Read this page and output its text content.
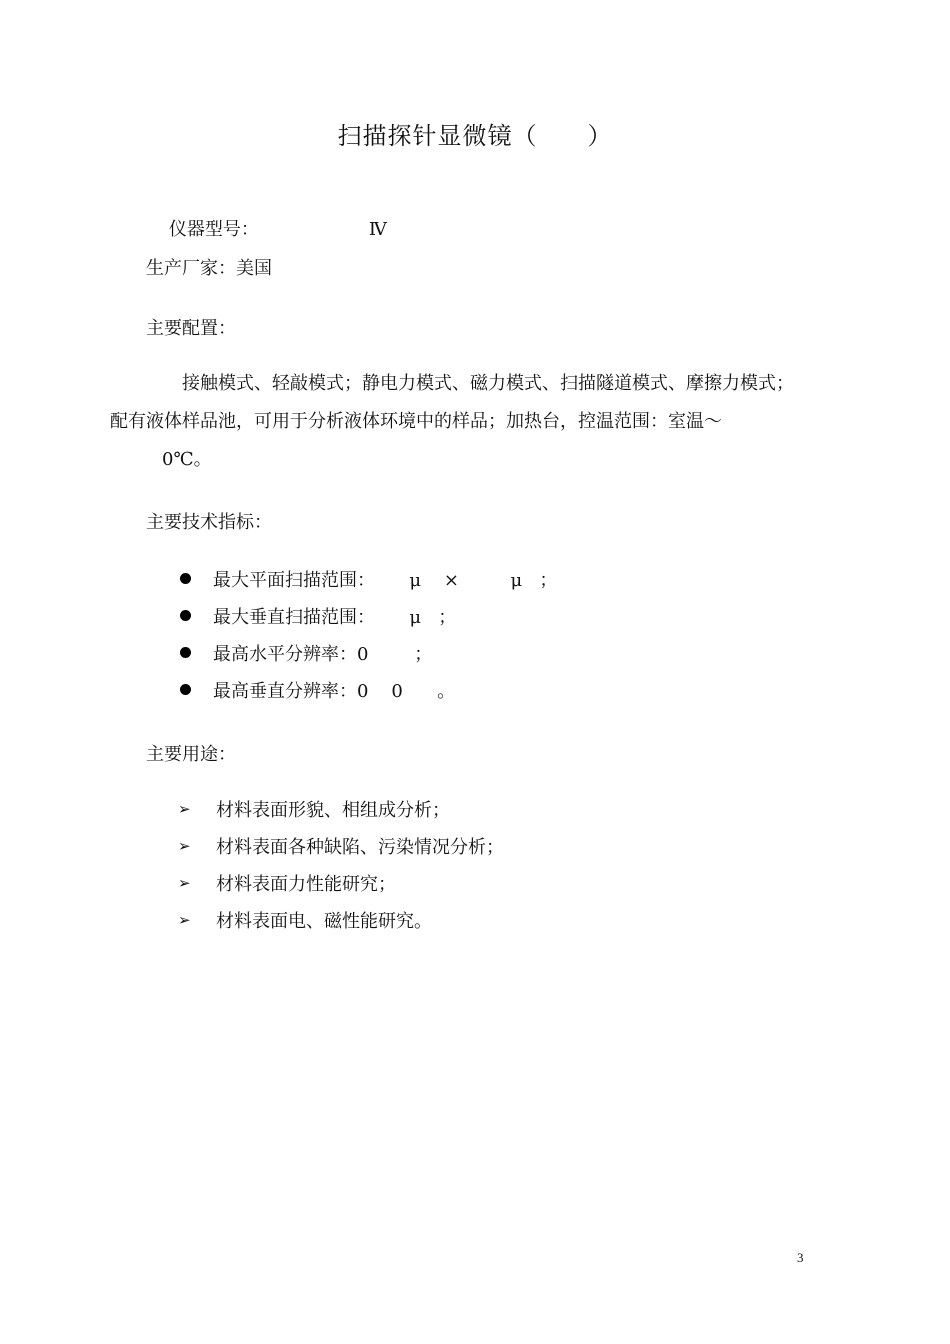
扫描探针显微镜（　　）

仪器型号：	Ⅳ

生产厂家：美国
主要配置：
接触模式、轻敲模式；静电力模式、磁力模式、扫描隧道模式、摩擦力模式；
配有液体样品池，可用于分析液体环境中的样品；加热台，控温范围：室温～
0℃。
主要技术指标：
最大平面扫描范围：      μ    ×         μ   ；
最大垂直扫描范围：      μ   ；
最高水平分辨率：0        ；
最高垂直分辨率：0    0      。
主要用途：
➢	材料表面形貌、相组成分析；
➢	材料表面各种缺陷、污染情况分析；
➢	材料表面力性能研究；
➢	材料表面电、磁性能研究。
3
